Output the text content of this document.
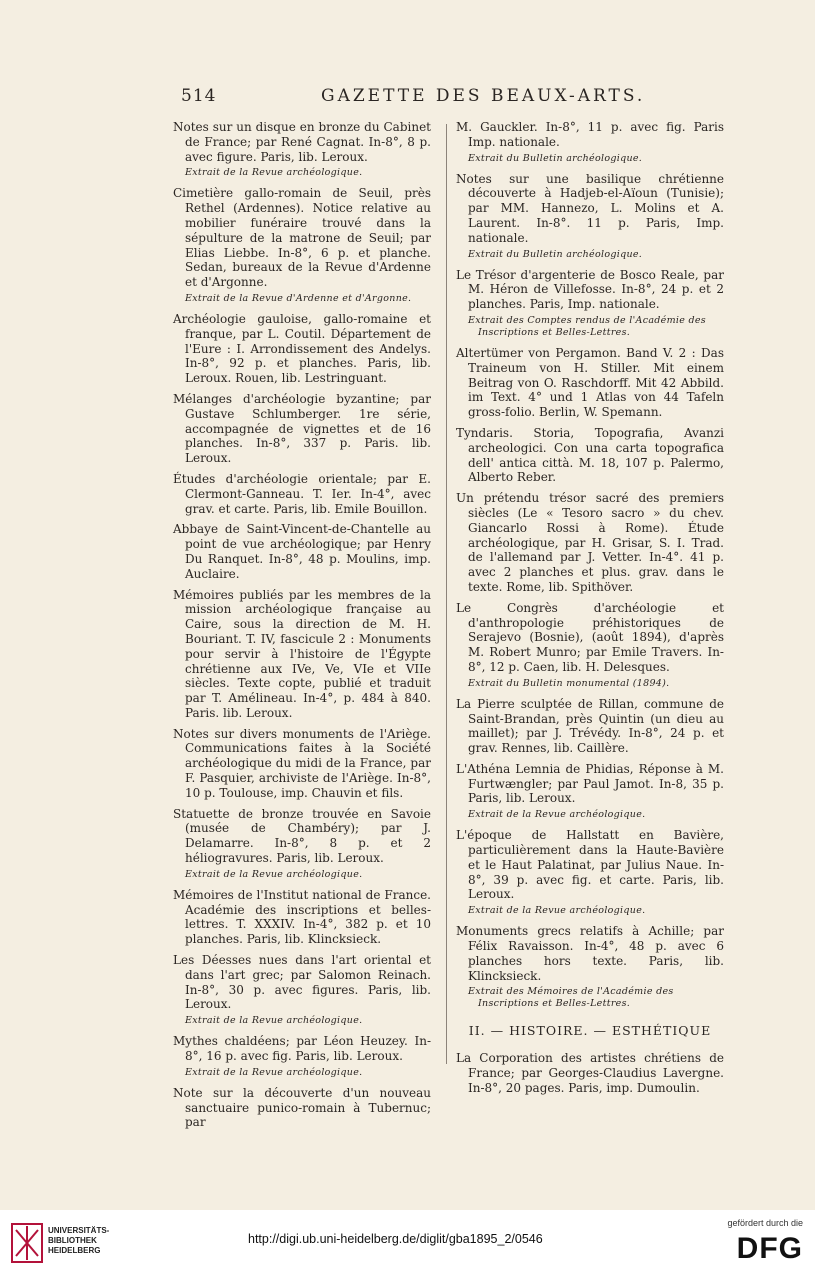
514	GAZETTE DES BEAUX-ARTS.
Notes sur un disque en bronze du Cabinet de France; par René Cagnat. In-8°, 8 p. avec figure. Paris, lib. Leroux.
Extrait de la Revue archéologique.
Cimetière gallo-romain de Seuil, près Rethel (Ardennes). Notice relative au mobilier funéraire trouvé dans la sépulture de la matrone de Seuil; par Elias Liebbe. In-8°, 6 p. et planche. Sedan, bureaux de la Revue d'Ardenne et d'Argonne.
Extrait de la Revue d'Ardenne et d'Argonne.
Archéologie gauloise, gallo-romaine et franque, par L. Coutil. Département de l'Eure : I. Arrondissement des Andelys. In-8°, 92 p. et planches. Paris, lib. Leroux. Rouen, lib. Lestringuant.
Mélanges d'archéologie byzantine; par Gustave Schlumberger. 1re série, accompagnée de vignettes et de 16 planches. In-8°, 337 p. Paris. lib. Leroux.
Études d'archéologie orientale; par E. Clermont-Ganneau. T. Ier. In-4°, avec grav. et carte. Paris, lib. Emile Bouillon.
Abbaye de Saint-Vincent-de-Chantelle au point de vue archéologique; par Henry Du Ranquet. In-8°, 48 p. Moulins, imp. Auclaire.
Mémoires publiés par les membres de la mission archéologique française au Caire, sous la direction de M. H. Bouriant. T. IV, fascicule 2 : Monuments pour servir à l'histoire de l'Égypte chrétienne aux IVe, Ve, VIe et VIIe siècles. Texte copte, publié et traduit par T. Amélineau. In-4°, p. 484 à 840. Paris. lib. Leroux.
Notes sur divers monuments de l'Ariège. Communications faites à la Société archéologique du midi de la France, par F. Pasquier, archiviste de l'Ariège. In-8°, 10 p. Toulouse, imp. Chauvin et fils.
Statuette de bronze trouvée en Savoie (musée de Chambéry); par J. Delamarre. In-8°, 8 p. et 2 héliogravures. Paris, lib. Leroux.
Extrait de la Revue archéologique.
Mémoires de l'Institut national de France. Académie des inscriptions et belles-lettres. T. XXXIV. In-4°, 382 p. et 10 planches. Paris, lib. Klincksieck.
Les Déesses nues dans l'art oriental et dans l'art grec; par Salomon Reinach. In-8°, 30 p. avec figures. Paris, lib. Leroux.
Extrait de la Revue archéologique.
Mythes chaldéens; par Léon Heuzey. In-8°, 16 p. avec fig. Paris, lib. Leroux.
Extrait de la Revue archéologique.
Note sur la découverte d'un nouveau sanctuaire punico-romain à Tubernuc; par
M. Gauckler. In-8°, 11 p. avec fig. Paris Imp. nationale.
Extrait du Bulletin archéologique.
Notes sur une basilique chrétienne découverte à Hadjeb-el-Aïoun (Tunisie); par MM. Hannezo, L. Molins et A. Laurent. In-8°. 11 p. Paris, Imp. nationale.
Extrait du Bulletin archéologique.
Le Trésor d'argenterie de Bosco Reale, par M. Héron de Villefosse. In-8°, 24 p. et 2 planches. Paris, Imp. nationale.
Extrait des Comptes rendus de l'Académie des Inscriptions et Belles-Lettres.
Altertümer von Pergamon. Band V. 2 : Das Traineum von H. Stiller. Mit einem Beitrag von O. Raschdorff. Mit 42 Abbild. im Text. 4° und 1 Atlas von 44 Tafeln gross-folio. Berlin, W. Spemann.
Tyndaris. Storia, Topografia, Avanzi archeologici. Con una carta topografica dell' antica città. M. 18, 107 p. Palermo, Alberto Reber.
Un prétendu trésor sacré des premiers siècles (Le « Tesoro sacro » du chev. Giancarlo Rossi à Rome). Étude archéologique, par H. Grisar, S. I. Trad. de l'allemand par J. Vetter. In-4°. 41 p. avec 2 planches et plus. grav. dans le texte. Rome, lib. Spithöver.
Le Congrès d'archéologie et d'anthropologie préhistoriques de Serajevo (Bosnie), (août 1894), d'après M. Robert Munro; par Emile Travers. In-8°, 12 p. Caen, lib. H. Delesques.
Extrait du Bulletin monumental (1894).
La Pierre sculptée de Rillan, commune de Saint-Brandan, près Quintin (un dieu au maillet); par J. Trévédy. In-8°, 24 p. et grav. Rennes, lib. Caillère.
L'Athéna Lemnia de Phidias, Réponse à M. Furtwængler; par Paul Jamot. In-8, 35 p. Paris, lib. Leroux.
Extrait de la Revue archéologique.
L'époque de Hallstatt en Bavière, particulièrement dans la Haute-Bavière et le Haut Palatinat, par Julius Naue. In-8°, 39 p. avec fig. et carte. Paris, lib. Leroux.
Extrait de la Revue archéologique.
Monuments grecs relatifs à Achille; par Félix Ravaisson. In-4°, 48 p. avec 6 planches hors texte. Paris, lib. Klincksieck.
Extrait des Mémoires de l'Académie des Inscriptions et Belles-Lettres.
II. — HISTOIRE. — ESTHÉTIQUE
La Corporation des artistes chrétiens de France; par Georges-Claudius Lavergne. In-8°, 20 pages. Paris, imp. Dumoulin.
UNIVERSITÄTS-
BIBLIOTHEK
HEIDELBERG
http://digi.ub.uni-heidelberg.de/diglit/gba1895_2/0546
gefördert durch die
DFG
